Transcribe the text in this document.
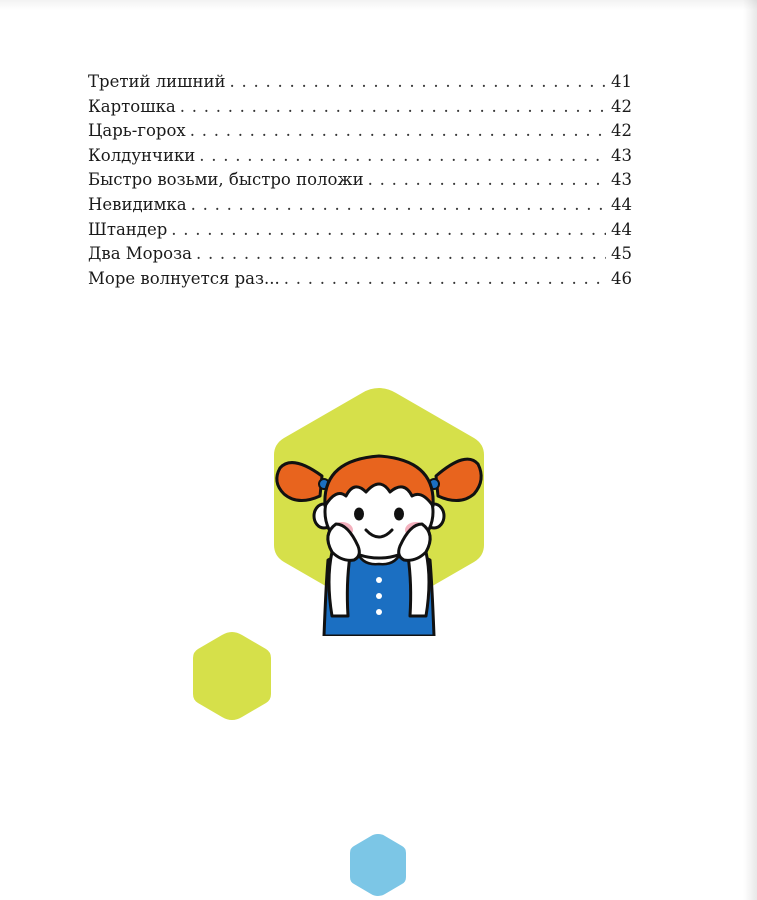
Третий лишний . . .	41
Картошка . . .	42
Царь-горох . . .	42
Колдунчики . . .	43
Быстро возьми, быстро положи . . .	43
Невидимка . . .	44
Штандер . . .	44
Два Мороза . . .	45
Море волнуется раз... . . .	46
